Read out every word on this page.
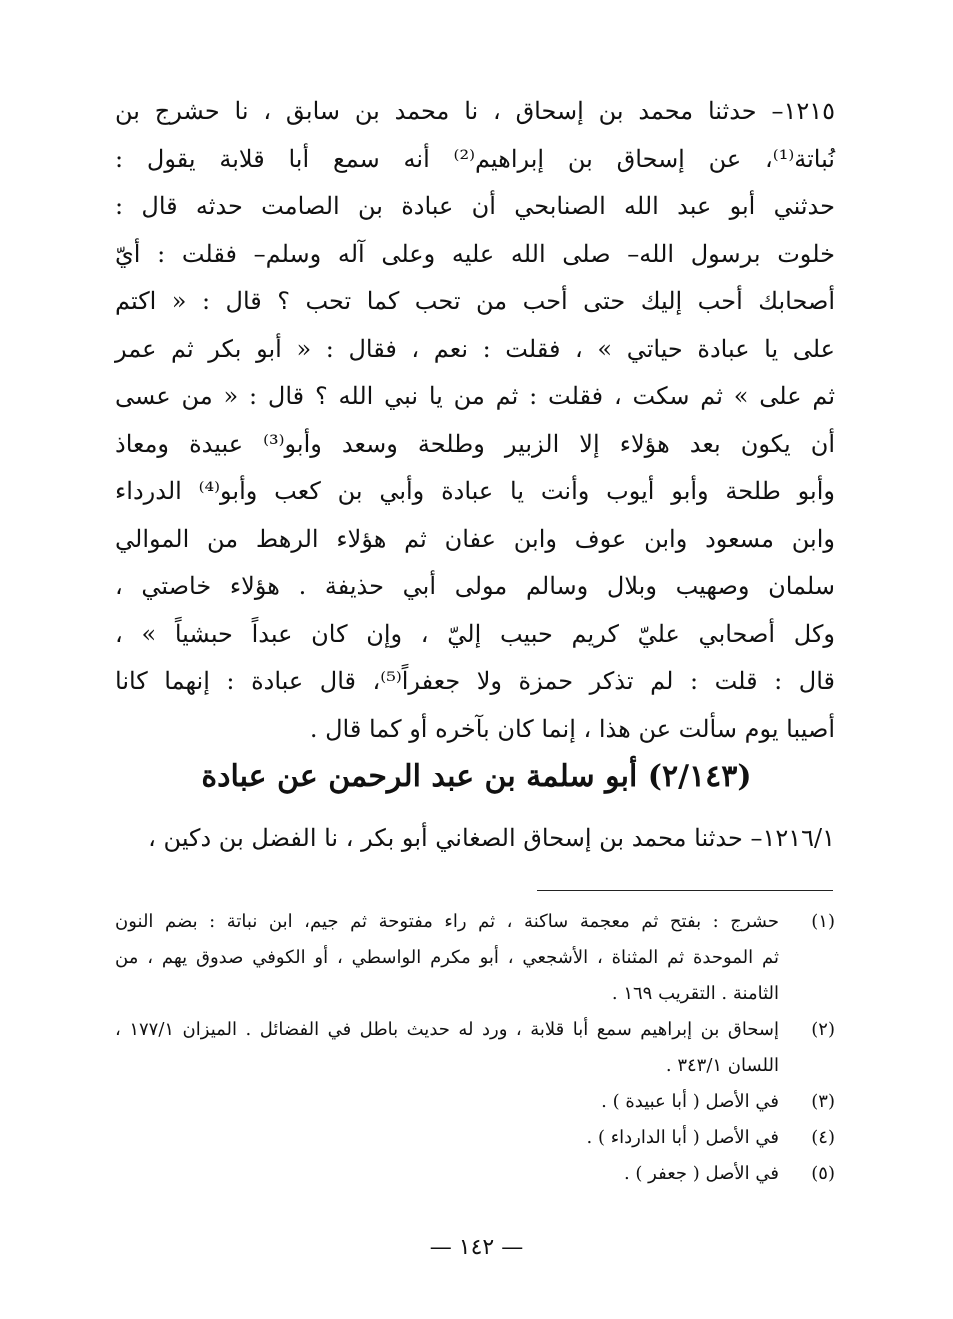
١٢١٥– حدثنا محمد بن إسحاق ، نا محمد بن سابق ، نا حشرج بن
نُباتة⁽¹⁾، عن إسحاق بن إبراهيم⁽²⁾ أنه سمع أبا قلابة يقول :
حدثني أبو عبد الله الصنابحي أن عبادة بن الصامت حدثه قال :
خلوت برسول الله– صلى الله عليه وعلى آله وسلم– فقلت : أيّ
أصحابك أحب إليك حتى أحب من تحب كما تحب ؟ قال : « اكتم
على يا عبادة حياتي » ، فقلت : نعم ، فقال : « أبو بكر ثم عمر
ثم على » ثم سكت ، فقلت : ثم من يا نبي الله ؟ قال : « من عسى
أن يكون بعد هؤلاء إلا الزبير وطلحة وسعد وأبو⁽³⁾ عبيدة ومعاذ
وأبو طلحة وأبو أيوب وأنت يا عبادة وأبي بن كعب وأبو⁽⁴⁾ الدرداء
وابن مسعود وابن عوف وابن عفان ثم هؤلاء الرهط من الموالي
سلمان وصهيب وبلال وسالم مولى أبي حذيفة . هؤلاء خاصتي ،
وكل أصحابي عليّ كريم حبيب إليّ ، وإن كان عبداً حبشياً » ،
قال : قلت : لم تذكر حمزة ولا جعفراً⁽⁵⁾، قال عبادة : إنهما كانا
أصيبا يوم سألت عن هذا ، إنما كان بآخره أو كما قال .
(٢/١٤٣) أبو سلمة بن عبد الرحمن عن عبادة
١٢١٦/١– حدثنا محمد بن إسحاق الصغاني أبو بكر ، نا الفضل بن دكين ،
(١)
حشرج : بفتح ثم معجمة ساكنة ، ثم راء مفتوحة ثم جيم، ابن نباتة : بضم النون
ثم الموحدة ثم المثناة ، الأشجعي ، أبو مكرم الواسطي ، أو الكوفي صدوق يهم ، من
الثامنة . التقريب ١٦٩ .
(٢)
إسحاق بن إبراهيم سمع أبا قلابة ، ورد له حديث باطل في الفضائل . الميزان ١٧٧/١ ،
اللسان ٣٤٣/١ .
(٣)
في الأصل ( أبا عبيدة ) .
(٤)
في الأصل ( أبا الدارداء ) .
(٥)
في الأصل ( جعفر ) .
— ١٤٢ —
